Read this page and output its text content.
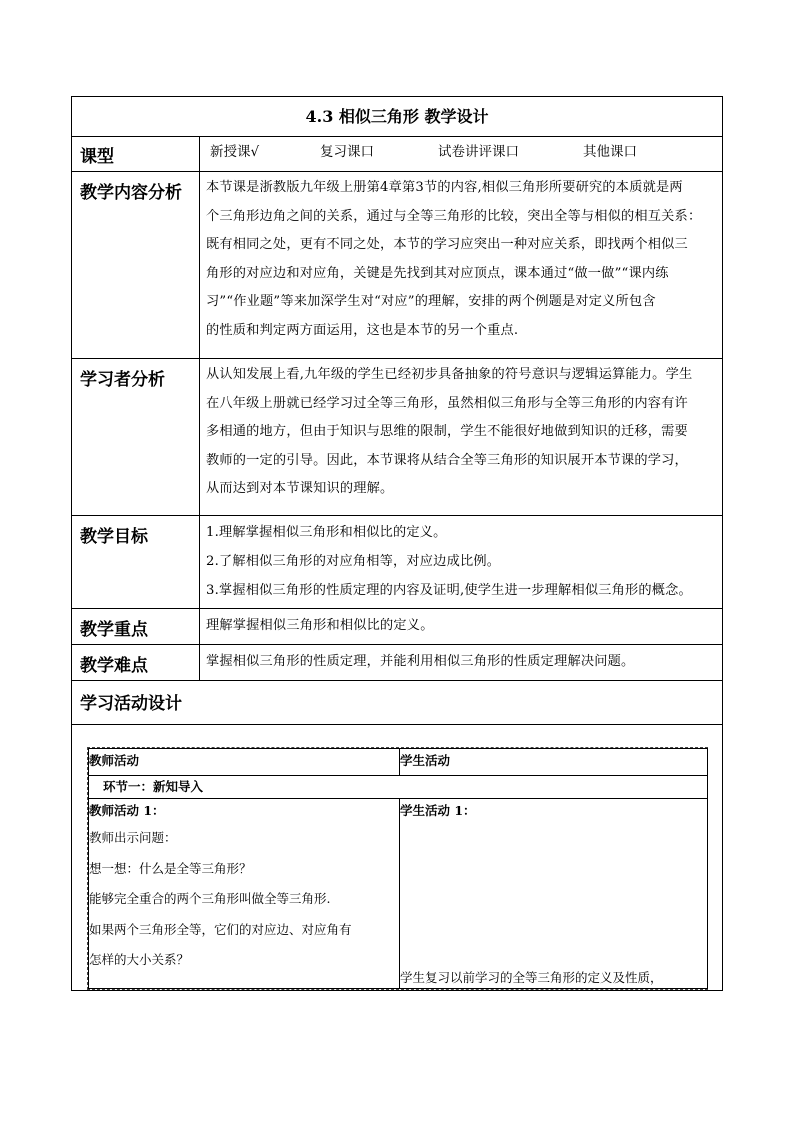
4.3 相似三角形 教学设计
课型	新授课√	复习课口	试卷讲评课口	其他课口
教学内容分析	本节课是浙教版九年级上册第4章第3节的内容,相似三角形所要研究的本质就是两
个三角形边角之间的关系，通过与全等三角形的比较，突出全等与相似的相互关系：
既有相同之处，更有不同之处，本节的学习应突出一种对应关系，即找两个相似三
角形的对应边和对应角，关键是先找到其对应顶点，课本通过“做一做”“课内练
习”“作业题”等来加深学生对“对应”的理解，安排的两个例题是对定义所包含
的性质和判定两方面运用，这也是本节的另一个重点.

学习者分析	从认知发展上看,九年级的学生已经初步具备抽象的符号意识与逻辑运算能力。学生
在八年级上册就已经学习过全等三角形，虽然相似三角形与全等三角形的内容有许
多相通的地方，但由于知识与思维的限制，学生不能很好地做到知识的迁移，需要
教师的一定的引导。因此，本节课将从结合全等三角形的知识展开本节课的学习，
从而达到对本节课知识的理解。

教学目标	1.理解掌握相似三角形和相似比的定义。
2.了解相似三角形的对应角相等，对应边成比例。
3.掌握相似三角形的性质定理的内容及证明,使学生进一步理解相似三角形的概念。

教学重点	理解掌握相似三角形和相似比的定义。
教学难点	掌握相似三角形的性质定理，并能利用相似三角形的性质定理解决问题。
学习活动设计

教师活动	学生活动
环节一：新知导入

教师活动 1：
教师出示问题：
想一想：什么是全等三角形？
能够完全重合的两个三角形叫做全等三角形.
如果两个三角形全等，它们的对应边、对应角有
怎样的大小关系？

学生活动 1：
学生复习以前学习的全等三角形的定义及性质，
